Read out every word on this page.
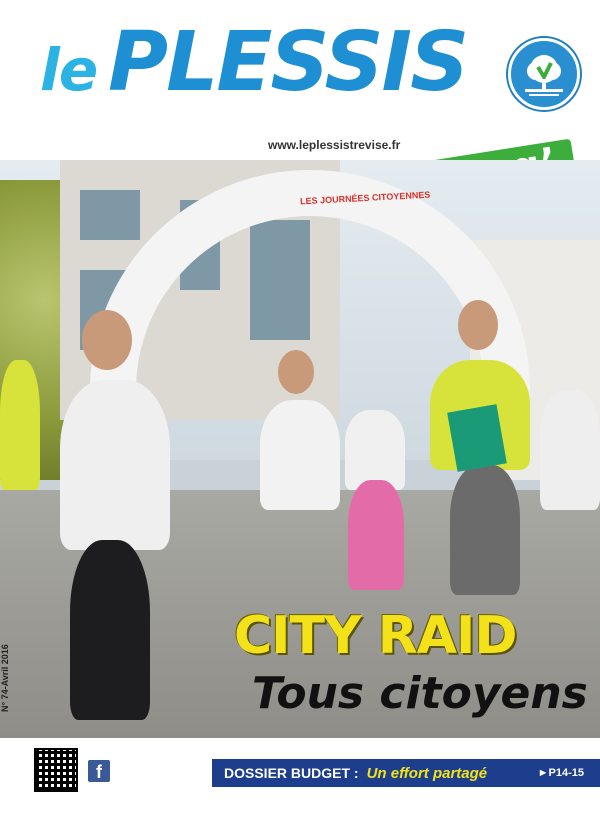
le PLESSIS
www.leplessistrevise.fr
LES JOURNÉES CITOYENNES
CITY RAID
Tous citoyens
N° 74-Avril 2016
f	DOSSIER BUDGET : Un effort partagé	►P14-15
